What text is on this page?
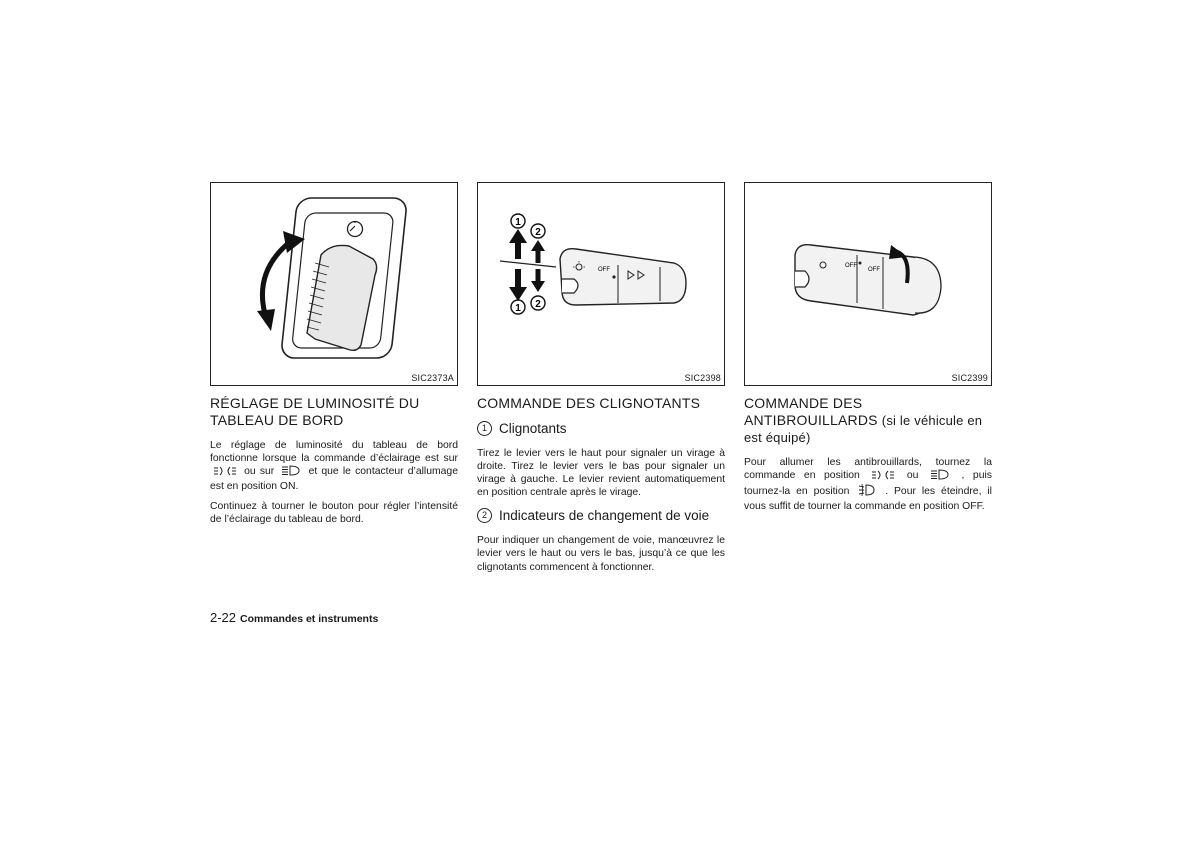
SIC2373A
RÉGLAGE DE LUMINOSITÉ DU TABLEAU DE BORD

Le réglage de luminosité du tableau de bord fonctionne lorsque la commande d’éclairage est sur  ou sur	et que le contacteur d’allumage est en position ON.

Continuez à tourner le bouton pour régler l’intensité de l’éclairage du tableau de bord.

OFF
1
2
1 2
SIC2398
COMMANDE DES CLIGNOTANTS
1 Clignotants

Tirez le levier vers le haut pour signaler un virage à droite. Tirez le levier vers le bas pour signaler un virage à gauche. Le levier revient automatiquement en position centrale après le virage.

2 Indicateurs de changement de voie

Pour indiquer un changement de voie, manœuvrez le levier vers le haut ou vers le bas, jusqu’à ce que les clignotants commencent à fonctionner.

OFF
OFF
SIC2399
COMMANDE DES ANTIBROUILLARDS (si le véhicule en est équipé)

Pour allumer les antibrouillards, tournez la commande en position	ou	, puis tournez-la en position	. Pour les éteindre, il vous suffit de tourner la commande en position OFF.

2-22 Commandes et instruments
